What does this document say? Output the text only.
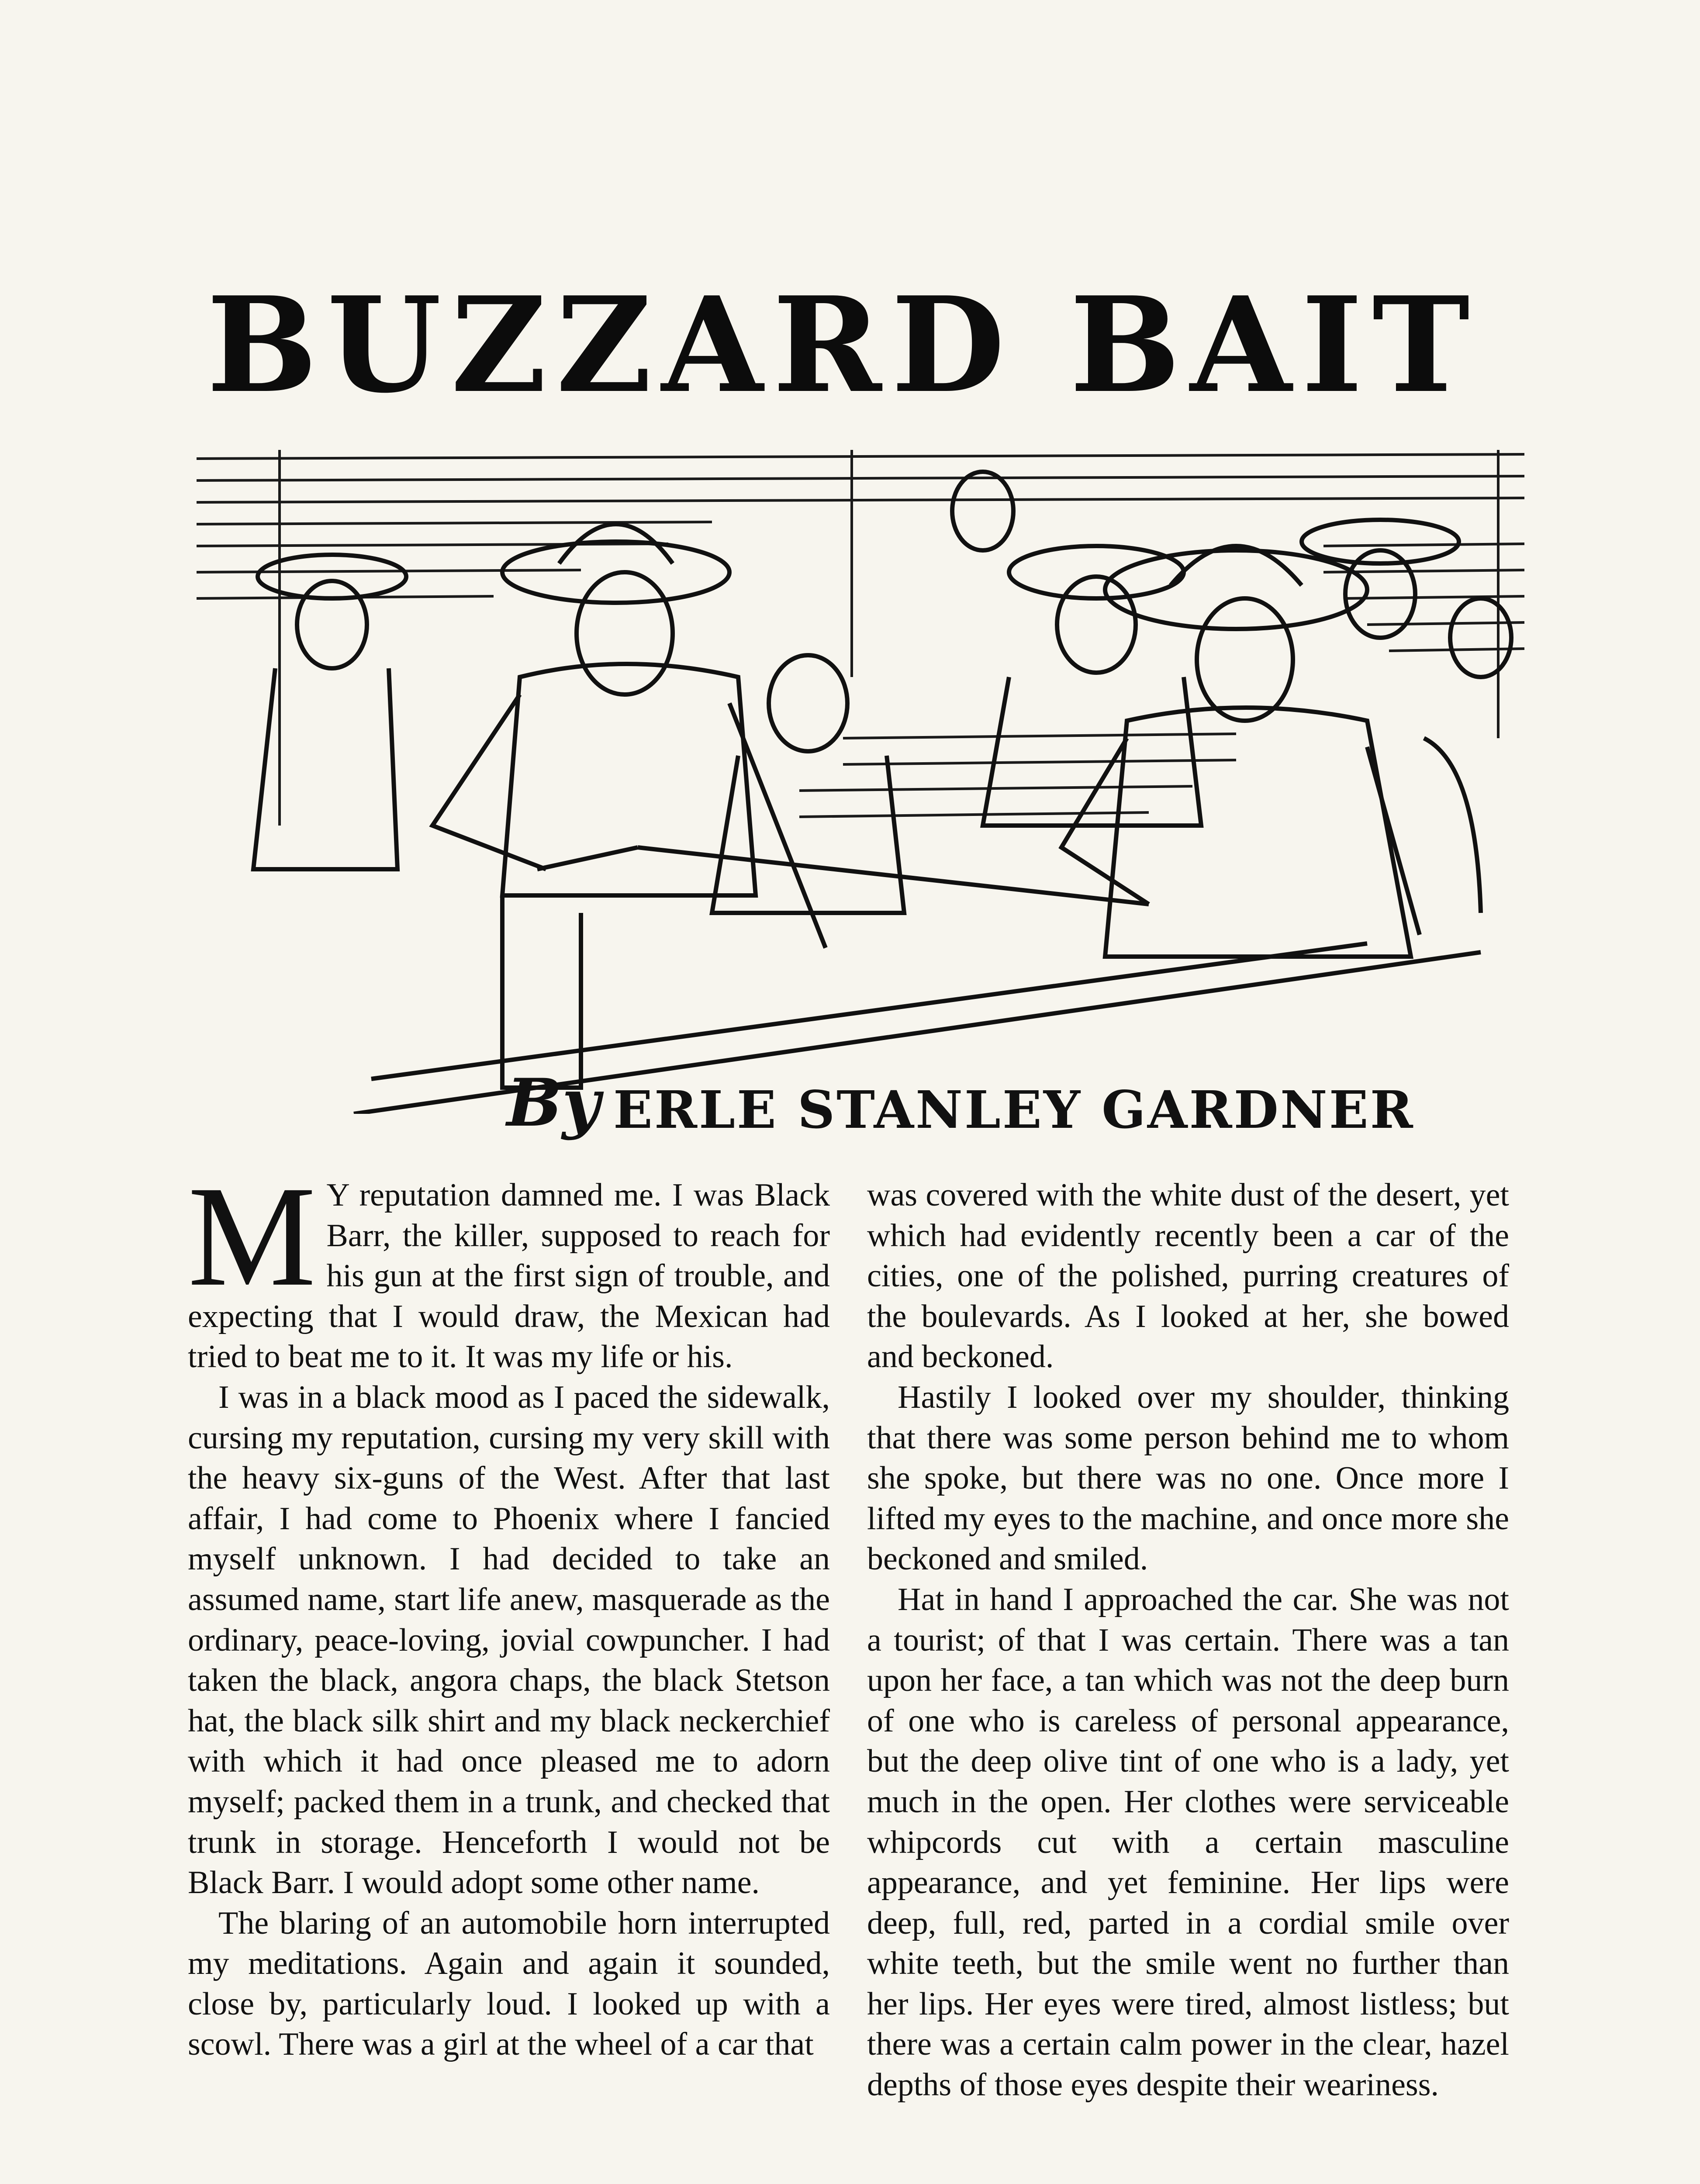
BUZZARD BAIT
By ERLE STANLEY GARDNER

M Y reputation damned me. I was Black Barr, the killer, supposed to reach for his gun at the first sign of trouble, and expecting that I would draw, the Mexican had tried to beat me to it. It was my life or his.

I was in a black mood as I paced the sidewalk, cursing my reputation, cursing my very skill with the heavy six-guns of the West. After that last affair, I had come to Phoenix where I fancied myself unknown. I had decided to take an assumed name, start life anew, masquerade as the ordinary, peace-loving, jovial cowpuncher. I had taken the black, angora chaps, the black Stetson hat, the black silk shirt and my black neckerchief with which it had once pleased me to adorn myself; packed them in a trunk, and checked that trunk in storage. Henceforth I would not be Black Barr. I would adopt some other name.

The blaring of an automobile horn interrupted my meditations. Again and again it sounded, close by, particularly loud. I looked up with a scowl. There was a girl at the wheel of a car that

was covered with the white dust of the desert, yet which had evidently recently been a car of the cities, one of the polished, purring creatures of the boulevards. As I looked at her, she bowed and beckoned.

Hastily I looked over my shoulder, thinking that there was some person behind me to whom she spoke, but there was no one. Once more I lifted my eyes to the machine, and once more she beckoned and smiled.

Hat in hand I approached the car. She was not a tourist; of that I was certain. There was a tan upon her face, a tan which was not the deep burn of one who is careless of personal appearance, but the deep olive tint of one who is a lady, yet much in the open. Her clothes were serviceable whipcords cut with a certain masculine appearance, and yet feminine. Her lips were deep, full, red, parted in a cordial smile over white teeth, but the smile went no further than her lips. Her eyes were tired, almost listless; but there was a certain calm power in the clear, hazel depths of those eyes despite their weariness.
